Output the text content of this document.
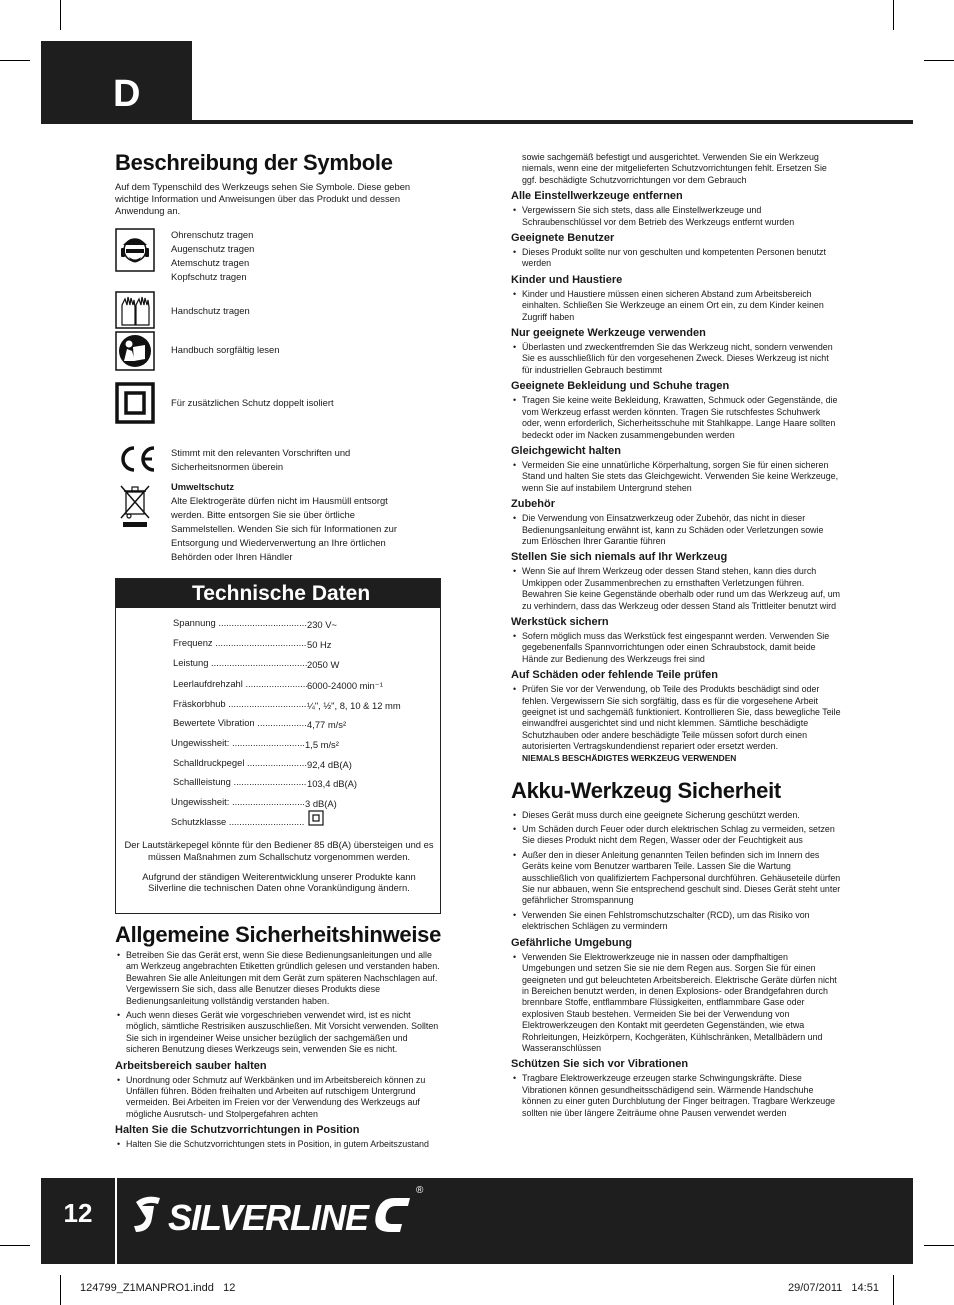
D
Beschreibung der Symbole
Auf dem Typenschild des Werkzeugs sehen Sie Symbole. Diese geben wichtige Information und Anweisungen über das Produkt und dessen Anwendung an.
Ohrenschutz tragen
Augenschutz tragen
Atemschutz tragen
Kopfschutz tragen
Handschutz tragen
Handbuch sorgfältig lesen
Für zusätzlichen Schutz doppelt isoliert
Stimmt mit den relevanten Vorschriften und
Sicherheitsnormen überein
Umweltschutz
Alte Elektrogeräte dürfen nicht im Hausmüll entsorgt werden. Bitte entsorgen Sie sie über örtliche Sammelstellen. Wenden Sie sich für Informationen zur Entsorgung und Wiederverwertung an Ihre örtlichen Behörden oder Ihren Händler
Technische Daten
Spannung .....	230 V~
Frequenz .....	50 Hz
Leistung .....	2050 W
Leerlaufdrehzahl .....	6000-24000 min⁻¹
Fräskorbhub .....	¼", ½", 8, 10 & 12 mm
Bewertete Vibration .....	4,77 m/s²
Ungewissheit: .....	1,5 m/s²
Schalldruckpegel .....	92,4 dB(A)
Schallleistung .....	103,4 dB(A)
Ungewissheit: .....	3 dB(A)
Schutzklasse .....
Der Lautstärkepegel könnte für den Bediener 85 dB(A) übersteigen und es müssen Maßnahmen zum Schallschutz vorgenommen werden.
Aufgrund der ständigen Weiterentwicklung unserer Produkte kann Silverline die technischen Daten ohne Vorankündigung ändern.
Allgemeine Sicherheitshinweise
• Betreiben Sie das Gerät erst, wenn Sie diese Bedienungsanleitungen und alle am Werkzeug angebrachten Etiketten gründlich gelesen und verstanden haben. Bewahren Sie alle Anleitungen mit dem Gerät zum späteren Nachschlagen auf. Vergewissern Sie sich, dass alle Benutzer dieses Produkts diese Bedienungsanleitung vollständig verstanden haben.
• Auch wenn dieses Gerät wie vorgeschrieben verwendet wird, ist es nicht möglich, sämtliche Restrisiken auszuschließen. Mit Vorsicht verwenden. Sollten Sie sich in irgendeiner Weise unsicher bezüglich der sachgemäßen und sicheren Benutzung dieses Werkzeugs sein, verwenden Sie es nicht.
Arbeitsbereich sauber halten
• Unordnung oder Schmutz auf Werkbänken und im Arbeitsbereich können zu Unfällen führen. Böden freihalten und Arbeiten auf rutschigem Untergrund vermeiden. Bei Arbeiten im Freien vor der Verwendung des Werkzeugs auf mögliche Ausrutsch- und Stolpergefahren achten
Halten Sie die Schutzvorrichtungen in Position
• Halten Sie die Schutzvorrichtungen stets in Position, in gutem Arbeitszustand
sowie sachgemäß befestigt und ausgerichtet. Verwenden Sie ein Werkzeug niemals, wenn eine der mitgelieferten Schutzvorrichtungen fehlt. Ersetzen Sie ggf. beschädigte Schutzvorrichtungen vor dem Gebrauch
Alle Einstellwerkzeuge entfernen
• Vergewissern Sie sich stets, dass alle Einstellwerkzeuge und Schraubenschlüssel vor dem Betrieb des Werkzeugs entfernt wurden
Geeignete Benutzer
• Dieses Produkt sollte nur von geschulten und kompetenten Personen benutzt werden
Kinder und Haustiere
• Kinder und Haustiere müssen einen sicheren Abstand zum Arbeitsbereich einhalten. Schließen Sie Werkzeuge an einem Ort ein, zu dem Kinder keinen Zugriff haben
Nur geeignete Werkzeuge verwenden
• Überlasten und zweckentfremden Sie das Werkzeug nicht, sondern verwenden Sie es ausschließlich für den vorgesehenen Zweck. Dieses Werkzeug ist nicht für industriellen Gebrauch bestimmt
Geeignete Bekleidung und Schuhe tragen
• Tragen Sie keine weite Bekleidung, Krawatten, Schmuck oder Gegenstände, die vom Werkzeug erfasst werden könnten. Tragen Sie rutschfestes Schuhwerk oder, wenn erforderlich, Sicherheitsschuhe mit Stahlkappe. Lange Haare sollten bedeckt oder im Nacken zusammengebunden werden
Gleichgewicht halten
• Vermeiden Sie eine unnatürliche Körperhaltung, sorgen Sie für einen sicheren Stand und halten Sie stets das Gleichgewicht. Verwenden Sie keine Werkzeuge, wenn Sie auf instabilem Untergrund stehen
Zubehör
• Die Verwendung von Einsatzwerkzeug oder Zubehör, das nicht in dieser Bedienungsanleitung erwähnt ist, kann zu Schäden oder Verletzungen sowie zum Erlöschen Ihrer Garantie führen
Stellen Sie sich niemals auf Ihr Werkzeug
• Wenn Sie auf Ihrem Werkzeug oder dessen Stand stehen, kann dies durch Umkippen oder Zusammenbrechen zu ernsthaften Verletzungen führen. Bewahren Sie keine Gegenstände oberhalb oder rund um das Werkzeug auf, um zu verhindern, dass das Werkzeug oder dessen Stand als Trittleiter benutzt wird
Werkstück sichern
• Sofern möglich muss das Werkstück fest eingespannt werden. Verwenden Sie gegebenenfalls Spannvorrichtungen oder einen Schraubstock, damit beide Hände zur Bedienung des Werkzeugs frei sind
Auf Schäden oder fehlende Teile prüfen
• Prüfen Sie vor der Verwendung, ob Teile des Produkts beschädigt sind oder fehlen. Vergewissern Sie sich sorgfältig, dass es für die vorgesehene Arbeit geeignet ist und sachgemäß funktioniert. Kontrollieren Sie, dass bewegliche Teile einwandfrei ausgerichtet sind und nicht klemmen. Sämtliche beschädigte Schutzhauben oder andere beschädigte Teile müssen sofort durch einen autorisierten Vertragskundendienst repariert oder ersetzt werden.
NIEMALS BESCHÄDIGTES WERKZEUG VERWENDEN
Akku-Werkzeug Sicherheit
• Dieses Gerät muss durch eine geeignete Sicherung geschützt werden.
• Um Schäden durch Feuer oder durch elektrischen Schlag zu vermeiden, setzen Sie dieses Produkt nicht dem Regen, Wasser oder der Feuchtigkeit aus
• Außer den in dieser Anleitung genannten Teilen befinden sich im Innern des Geräts keine vom Benutzer wartbaren Teile. Lassen Sie die Wartung ausschließlich von qualifiziertem Fachpersonal durchführen. Gehäuseteile dürfen Sie nur abbauen, wenn Sie entsprechend geschult sind. Dieses Gerät steht unter gefährlicher Stromspannung
• Verwenden Sie einen Fehlstromschutzschalter (RCD), um das Risiko von elektrischen Schlägen zu vermindern
Gefährliche Umgebung
• Verwenden Sie Elektrowerkzeuge nie in nassen oder dampfhaltigen Umgebungen und setzen Sie sie nie dem Regen aus. Sorgen Sie für einen geeigneten und gut beleuchteten Arbeitsbereich. Elektrische Geräte dürfen nicht in Bereichen benutzt werden, in denen Explosions- oder Brandgefahren durch brennbare Stoffe, entflammbare Flüssigkeiten, entflammbare Gase oder explosiven Staub bestehen. Vermeiden Sie bei der Verwendung von Elektrowerkzeugen den Kontakt mit geerdeten Gegenständen, wie etwa Rohrleitungen, Heizkörpern, Kochgeräten, Kühlschränken, Metallbädern und Wasseranschlüssen
Schützen Sie sich vor Vibrationen
• Tragbare Elektrowerkzeuge erzeugen starke Schwingungskräfte. Diese Vibrationen können gesundheitsschädigend sein. Wärmende Handschuhe können zu einer guten Durchblutung der Finger beitragen. Tragbare Werkzeuge sollten nie über längere Zeiträume ohne Pausen verwendet werden
12	SILVERLINE
®
124799_Z1MANPRO1.indd   12	29/07/2011   14:51
